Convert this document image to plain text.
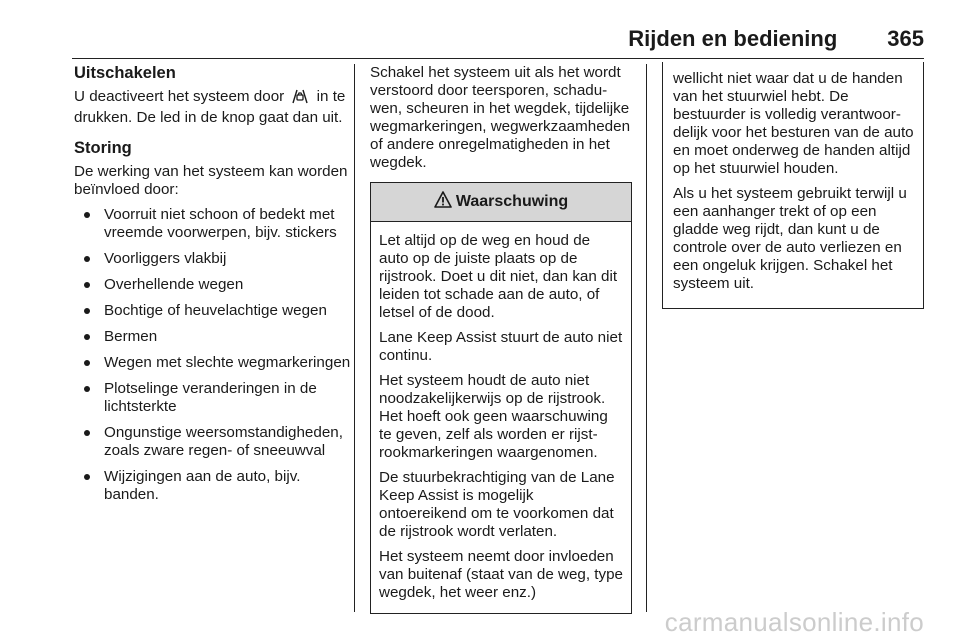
Rijden en bediening 365
Uitschakelen

U deactiveert het systeem door in te drukken. De led in de knop gaat dan uit.

Storing

De werking van het systeem kan worden beïnvloed door:

Voorruit niet schoon of bedekt met vreemde voorwerpen, bijv. stickers
Voorliggers vlakbij
Overhellende wegen
Bochtige of heuvelachtige wegen
Bermen
Wegen met slechte wegmarkeringen
Plotselinge veranderingen in de lichtsterkte
Ongunstige weersomstandigheden, zoals zware regen- of sneeuwval
Wijzigingen aan de auto, bijv. banden.

Schakel het systeem uit als het wordt verstoord door teersporen, schaduwen, scheuren in het wegdek, tijdelijke wegmarkeringen, wegwerkzaamheden of andere onregelmatigheden in het wegdek.

Waarschuwing

Let altijd op de weg en houd de auto op de juiste plaats op de rijstrook. Doet u dit niet, dan kan dit leiden tot schade aan de auto, of letsel of de dood.

Lane Keep Assist stuurt de auto niet continu.

Het systeem houdt de auto niet noodzakelijkerwijs op de rijstrook. Het hoeft ook geen waarschuwing te geven, zelf als worden er rijstrookmarkeringen waargenomen.

De stuurbekrachtiging van de Lane Keep Assist is mogelijk ontoereikend om te voorkomen dat de rijstrook wordt verlaten.

Het systeem neemt door invloeden van buitenaf (staat van de weg, type wegdek, het weer enz.)

wellicht niet waar dat u de handen van het stuurwiel hebt. De bestuurder is volledig verantwoordelijk voor het besturen van de auto en moet onderweg de handen altijd op het stuurwiel houden.

Als u het systeem gebruikt terwijl u een aanhanger trekt of op een gladde weg rijdt, dan kunt u de controle over de auto verliezen en een ongeluk krijgen. Schakel het systeem uit.

carmanualsonline.info
